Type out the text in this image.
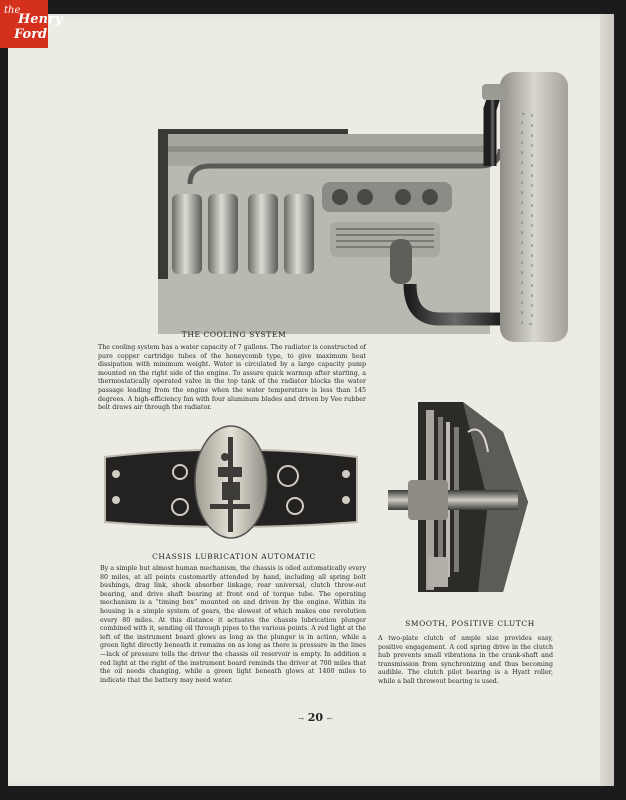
THE COOLING SYSTEM

The cooling system has a water capacity of 7 gallons. The radiator is constructed of pure copper cartridge tubes of the honeycomb type, to give maximum heat dissipation with minimum weight. Water is circulated by a large capacity pump mounted on the right side of the engine. To assure quick warmup after starting, a thermostatically operated valve in the top tank of the radiator blocks the water passage leading from the engine when the water temperature is less than 145 degrees. A high-efficiency fan with four aluminum blades and driven by Vee rubber belt draws air through the radiator.

CHASSIS LUBRICATION AUTOMATIC

By a simple but almost human mechanism, the chassis is oiled automatically every 80 miles, at all points customarily attended by hand, including all spring bolt bushings, drag link, shock absorber linkage, rear universal, clutch throw-out bearing, and drive shaft bearing at front end of torque tube. The operating mechanism is a “timing box” mounted on and driven by the engine. Within its housing is a simple system of gears, the slowest of which makes one revolution every 80 miles. At this distance it actuates the chassis lubrication plunger combined with it, sending oil through pipes to the various points. A red light at the left of the instrument board glows as long as the plunger is in action, while a green light directly beneath it remains on as long as there is pressure in the lines—lack of pressure tells the driver the chassis oil reservoir is empty. In addition a red light at the right of the instrument board reminds the driver at 700 miles that the oil needs changing, while a green light beneath glows at 1400 miles to indicate that the battery may need water.

SMOOTH, POSITIVE CLUTCH

A two-plate clutch of ample size provides easy, positive engagement. A coil spring drive in the clutch hub prevents small vibrations in the crank-shaft and transmission from synchronizing and thus becoming audible. The clutch pilot bearing is a Hyatt roller, while a ball throwout bearing is used.

→ 20 ←
the
Henry
Ford
